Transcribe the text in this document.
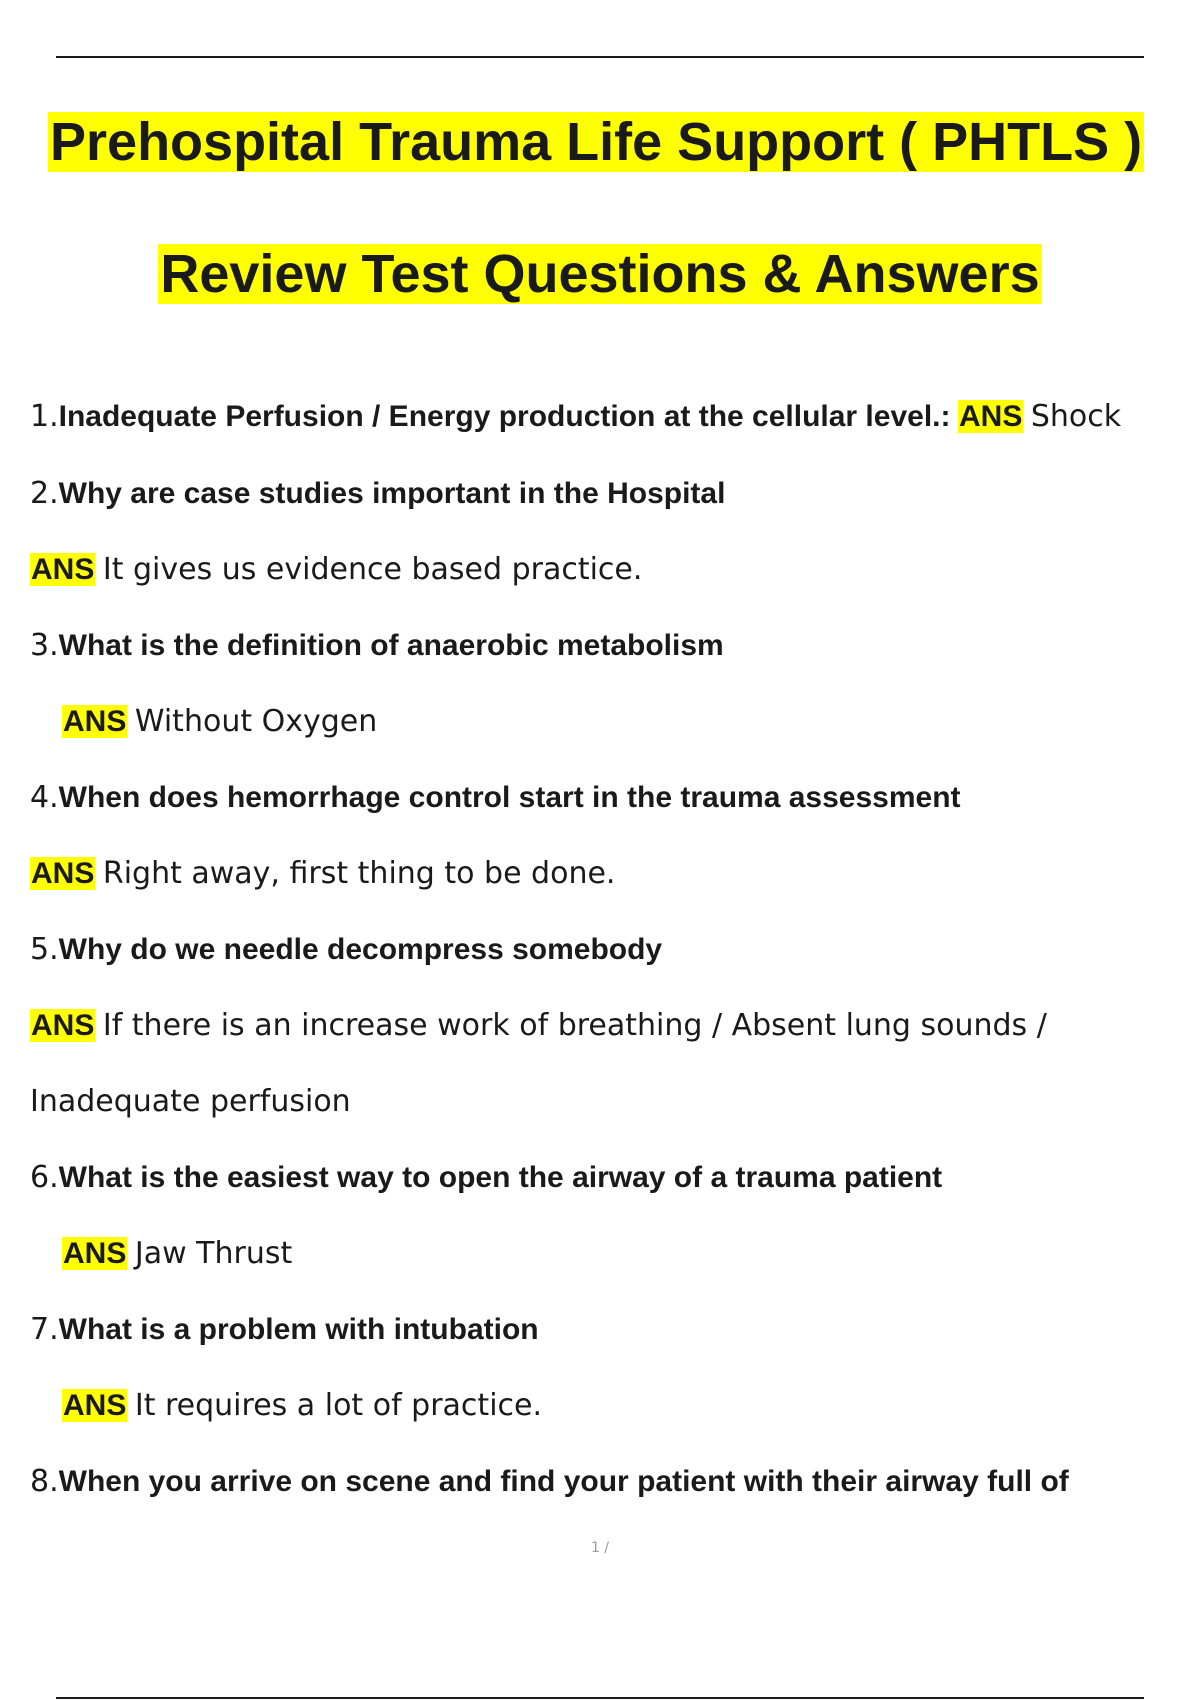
Prehospital Trauma Life Support ( PHTLS )
Review Test Questions & Answers
1.Inadequate Perfusion / Energy production at the cellular level.: ANS Shock
2.Why are case studies important in the Hospital
ANS It gives us evidence based practice.
3.What is the definition of anaerobic metabolism
ANS Without Oxygen
4.When does hemorrhage control start in the trauma assessment
ANS Right away, first thing to be done.
5.Why do we needle decompress somebody
ANS If there is an increase work of breathing / Absent lung sounds /
Inadequate perfusion
6.What is the easiest way to open the airway of a trauma patient
ANS Jaw Thrust
7.What is a problem with intubation
ANS It requires a lot of practice.
8.When you arrive on scene and find your patient with their airway full of
1 /
